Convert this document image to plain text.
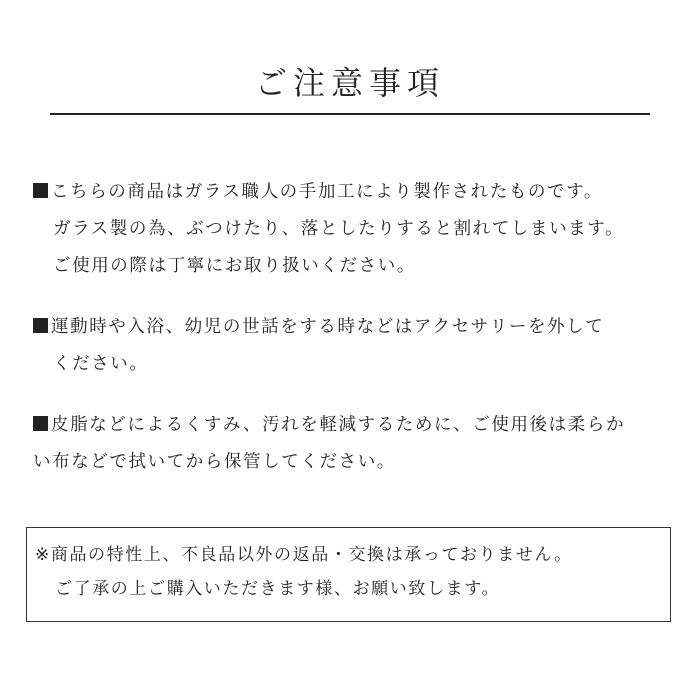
ご注意事項
こちらの商品はガラス職人の手加工により製作されたものです。
ガラス製の為、ぶつけたり、落としたりすると割れてしまいます。
ご使用の際は丁寧にお取り扱いください。
運動時や入浴、幼児の世話をする時などはアクセサリーを外して
ください。
皮脂などによるくすみ、汚れを軽減するために、ご使用後は柔らか
い布などで拭いてから保管してください。
※商品の特性上、不良品以外の返品・交換は承っておりません。
ご了承の上ご購入いただきます様、お願い致します。
